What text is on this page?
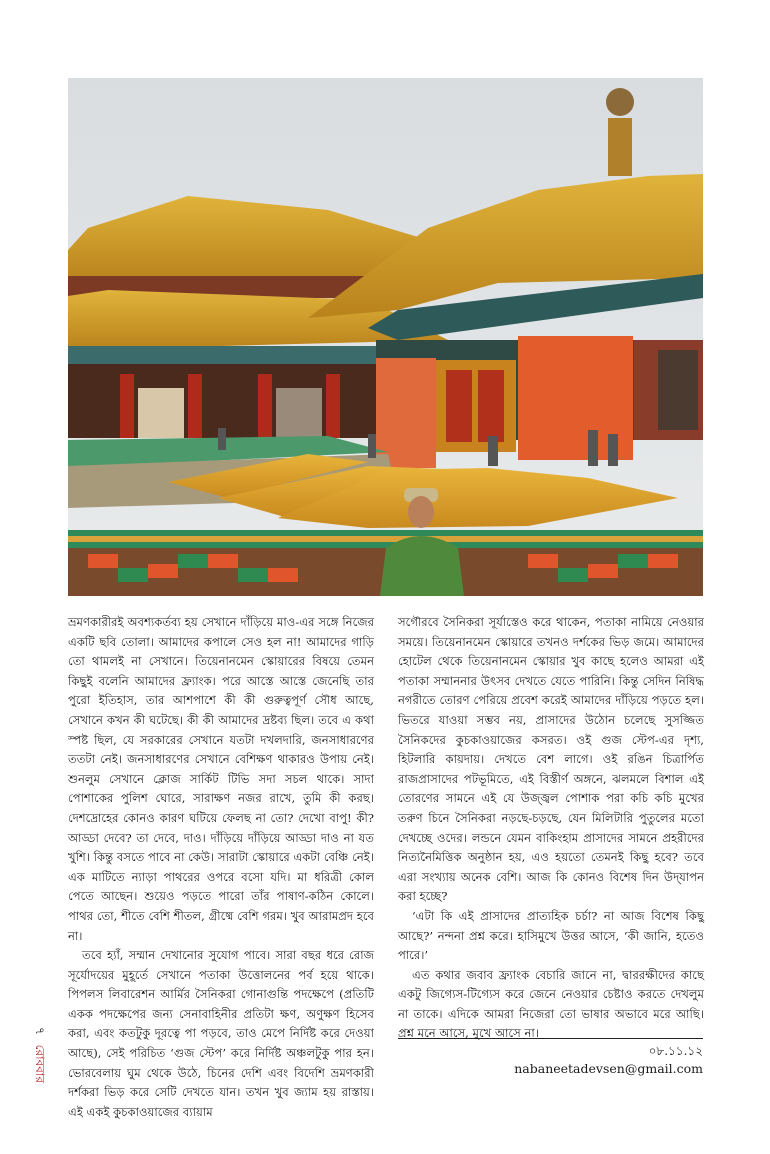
ভ্রমণকারীরই অবশ্যকর্তব্য হয় সেখানে দাঁড়িয়ে মাও-এর সঙ্গে নিজের একটি ছবি তোলা। আমাদের কপালে সেও হল না! আমাদের গাড়ি তো থামলই না সেখানে। তিয়েনানমেন স্কোয়ারের বিষয়ে তেমন কিছুই বলেনি আমাদের ফ্র্যাংক। পরে আস্তে আস্তে জেনেছি তার পুরো ইতিহাস, তার আশপাশে কী কী গুরুত্বপূর্ণ সৌধ আছে, সেখানে কখন কী ঘটেছে। কী কী আমাদের দ্রষ্টব্য ছিল। তবে এ কথা স্পষ্ট ছিল, যে সরকারের সেখানে যতটা দখলদারি, জনসাধারণের ততটা নেই। জনসাধারণের সেখানে বেশিক্ষণ থাকারও উপায় নেই। শুনলুম সেখানে ক্লোজ সার্কিট টিভি সদা সচল থাকে। সাদা পোশাকের পুলিশ ঘোরে, সারাক্ষণ নজর রাখে, তুমি কী করছ। দেশদ্রোহের কোনও কারণ ঘটিয়ে ফেলছ না তো? দেখো বাপু! কী? আড্ডা দেবে? তা দেবে, দাও। দাঁড়িয়ে দাঁড়িয়ে আড্ডা দাও না যত খুশি। কিন্তু বসতে পাবে না কেউ। সারাটা স্কোয়ারে একটা বেঞ্চি নেই। এক মাটিতে ন্যাড়া পাথরের ওপরে বসো যদি। মা ধরিত্রী কোল পেতে আছেন। শুয়েও পড়তে পারো তাঁর পাষাণ-কঠিন কোলে। পাথর তো, শীতে বেশি শীতল, গ্রীষ্মে বেশি গরম। খুব আরামপ্রদ হবে না।

তবে হ্যাঁ, সম্মান দেখানোর সুযোগ পাবে। সারা বছর ধরে রোজ সূর্যোদয়ের মুহূর্তে সেখানে পতাকা উত্তোলনের পর্ব হয়ে থাকে। পিপলস লিবারেশন আর্মির সৈনিকরা গোনাগুন্তি পদক্ষেপে (প্রতিটি একক পদক্ষেপের জন্য সেনাবাহিনীর প্রতিটা ক্ষণ, অণুক্ষণ হিসেব করা, এবং কতটুকু দূরত্বে পা পড়বে, তাও মেপে নির্দিষ্ট করে দেওয়া আছে), সেই পরিচিত ‘গুজ স্টেপ’ করে নির্দিষ্ট অঞ্চলটুকু পার হন। ভোরবেলায় ঘুম থেকে উঠে, চিনের দেশি এবং বিদেশি ভ্রমণকারী দর্শকরা ভিড় করে সেটি দেখতে যান। তখন খুব জ্যাম হয় রাস্তায়। এই একই কুচকাওয়াজের ব্যায়াম

সগৌরবে সৈনিকরা সূর্যাস্তেও করে থাকেন, পতাকা নামিয়ে নেওয়ার সময়ে। তিয়েনানমেন স্কোয়ারে তখনও দর্শকের ভিড় জমে। আমাদের হোটেল থেকে তিয়েনানমেন স্কোয়ার খুব কাছে হলেও আমরা এই পতাকা সম্মাননার উৎসব দেখতে যেতে পারিনি। কিন্তু সেদিন নিষিদ্ধ নগরীতে তোরণ পেরিয়ে প্রবেশ করেই আমাদের দাঁড়িয়ে পড়তে হল। ভিতরে যাওয়া সম্ভব নয়, প্রাসাদের উঠোন চলেছে সুসজ্জিত সৈনিকদের কুচকাওয়াজের কসরত। ওই গুজ স্টেপ-এর দৃশ্য, হিটলারি কায়দায়। দেখতে বেশ লাগে। ওই রঙিন চিত্রার্পিত রাজপ্রাসাদের পটভূমিতে, এই বিস্তীর্ণ অঙ্গনে, ঝলমলে বিশাল এই তোরণের সামনে এই যে উজ্জ্বল পোশাক পরা কচি কচি মুখের তরুণ চিনে সৈনিকরা নড়ছে-চড়ছে, যেন মিলিটারি পুতুলের মতো দেখচ্ছে ওদের। লন্ডনে যেমন বাকিংহাম প্রাসাদের সামনে প্রহরীদের নিত্যনৈমিত্তিক অনুষ্ঠান হয়, এও হয়তো তেমনই কিছু হবে? তবে এরা সংখ্যায় অনেক বেশি। আজ কি কোনও বিশেষ দিন উদ্‌যাপন করা হচ্ছে?

‘এটা কি এই প্রাসাদের প্রাত্যহিক চর্চা? না আজ বিশেষ কিছু আছে?’ নন্দনা প্রশ্ন করে। হাসিমুখে উত্তর আসে, ‘কী জানি, হতেও পারে।’

এত কথার জবাব ফ্র্যাংক বেচারি জানে না, দ্বাররক্ষীদের কাছে একটু জিগ্যেস-টিগ্যেস করে জেনে নেওয়ার চেষ্টাও করতে দেখলুম না তাকে। এদিকে আমরা নিজেরা তো ভাষার অভাবে মরে আছি। প্রশ্ন মনে আসে, মুখে আসে না।

০৮.১১.১২
nabaneetadevsen@gmail.com
৭ রোববার
